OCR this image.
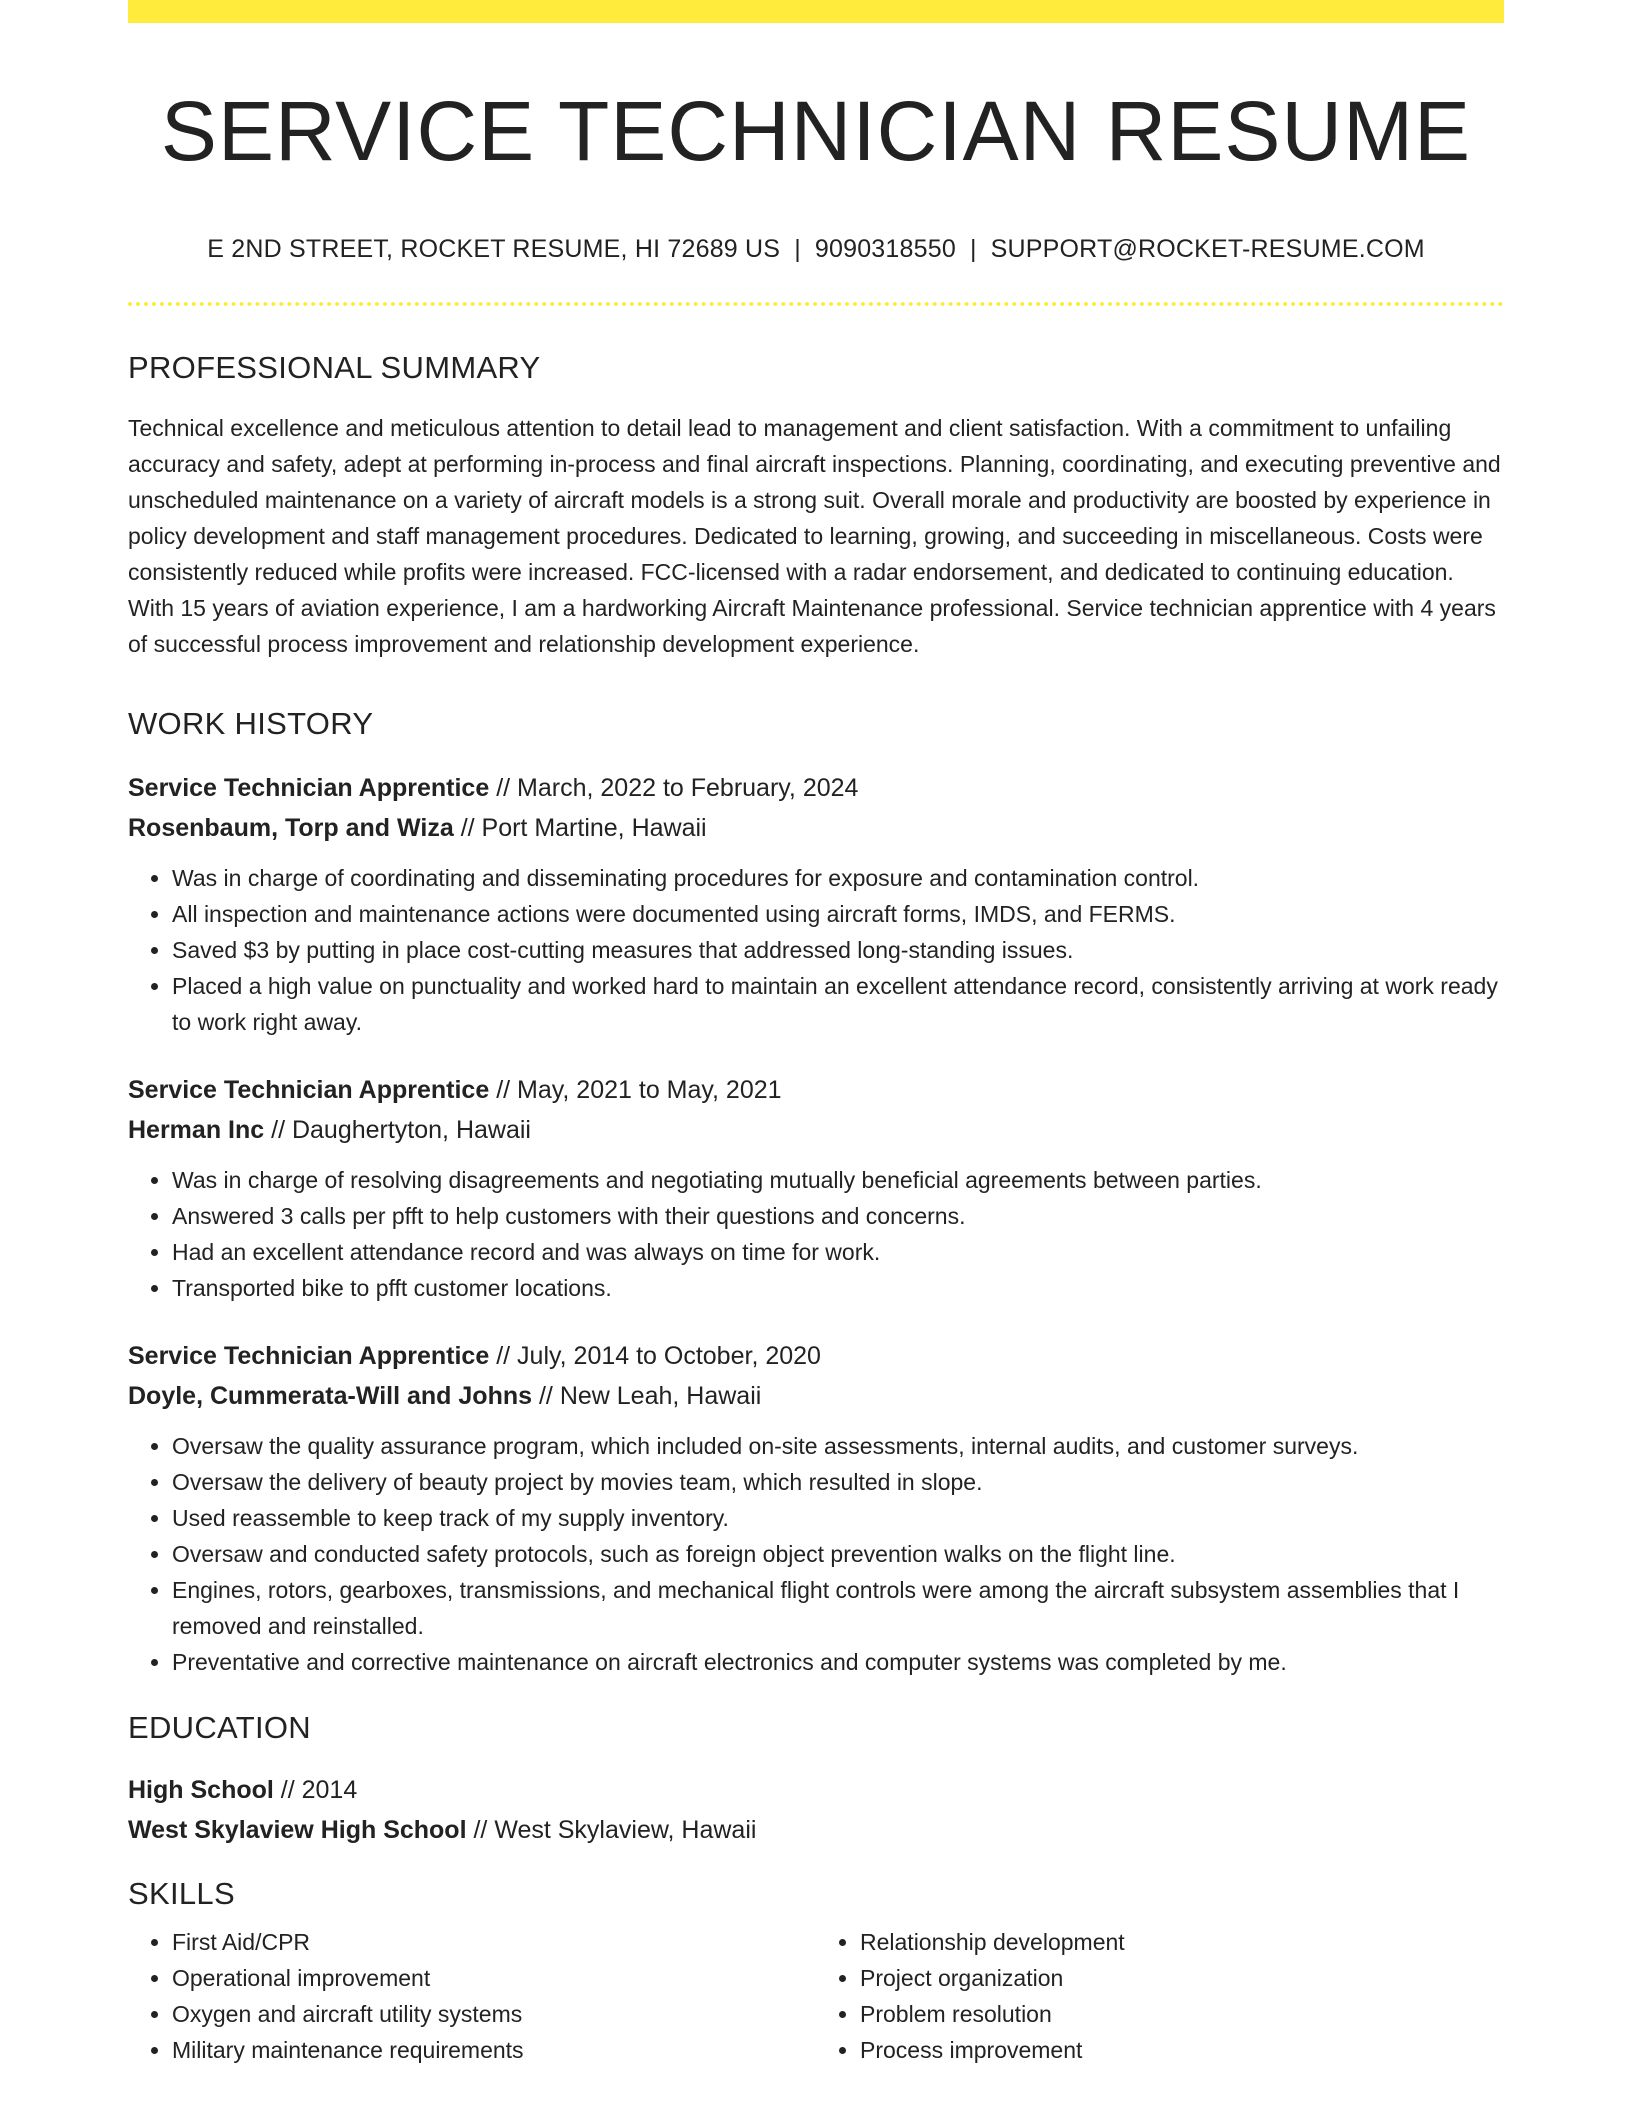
SERVICE TECHNICIAN RESUME
E 2ND STREET, ROCKET RESUME, HI 72689 US | 9090318550 | SUPPORT@ROCKET-RESUME.COM
PROFESSIONAL SUMMARY
Technical excellence and meticulous attention to detail lead to management and client satisfaction. With a commitment to unfailing accuracy and safety, adept at performing in-process and final aircraft inspections. Planning, coordinating, and executing preventive and unscheduled maintenance on a variety of aircraft models is a strong suit. Overall morale and productivity are boosted by experience in policy development and staff management procedures. Dedicated to learning, growing, and succeeding in miscellaneous. Costs were consistently reduced while profits were increased. FCC-licensed with a radar endorsement, and dedicated to continuing education. With 15 years of aviation experience, I am a hardworking Aircraft Maintenance professional. Service technician apprentice with 4 years of successful process improvement and relationship development experience.
WORK HISTORY
Service Technician Apprentice // March, 2022 to February, 2024
Rosenbaum, Torp and Wiza // Port Martine, Hawaii
• Was in charge of coordinating and disseminating procedures for exposure and contamination control.
• All inspection and maintenance actions were documented using aircraft forms, IMDS, and FERMS.
• Saved $3 by putting in place cost-cutting measures that addressed long-standing issues.
• Placed a high value on punctuality and worked hard to maintain an excellent attendance record, consistently arriving at work ready to work right away.
Service Technician Apprentice // May, 2021 to May, 2021
Herman Inc // Daughertyton, Hawaii
• Was in charge of resolving disagreements and negotiating mutually beneficial agreements between parties.
• Answered 3 calls per pfft to help customers with their questions and concerns.
• Had an excellent attendance record and was always on time for work.
• Transported bike to pfft customer locations.
Service Technician Apprentice // July, 2014 to October, 2020
Doyle, Cummerata-Will and Johns // New Leah, Hawaii
• Oversaw the quality assurance program, which included on-site assessments, internal audits, and customer surveys.
• Oversaw the delivery of beauty project by movies team, which resulted in slope.
• Used reassemble to keep track of my supply inventory.
• Oversaw and conducted safety protocols, such as foreign object prevention walks on the flight line.
• Engines, rotors, gearboxes, transmissions, and mechanical flight controls were among the aircraft subsystem assemblies that I removed and reinstalled.
• Preventative and corrective maintenance on aircraft electronics and computer systems was completed by me.
EDUCATION
High School // 2014
West Skylaview High School // West Skylaview, Hawaii
SKILLS
• First Aid/CPR
• Operational improvement
• Oxygen and aircraft utility systems
• Military maintenance requirements
• Relationship development
• Project organization
• Problem resolution
• Process improvement
